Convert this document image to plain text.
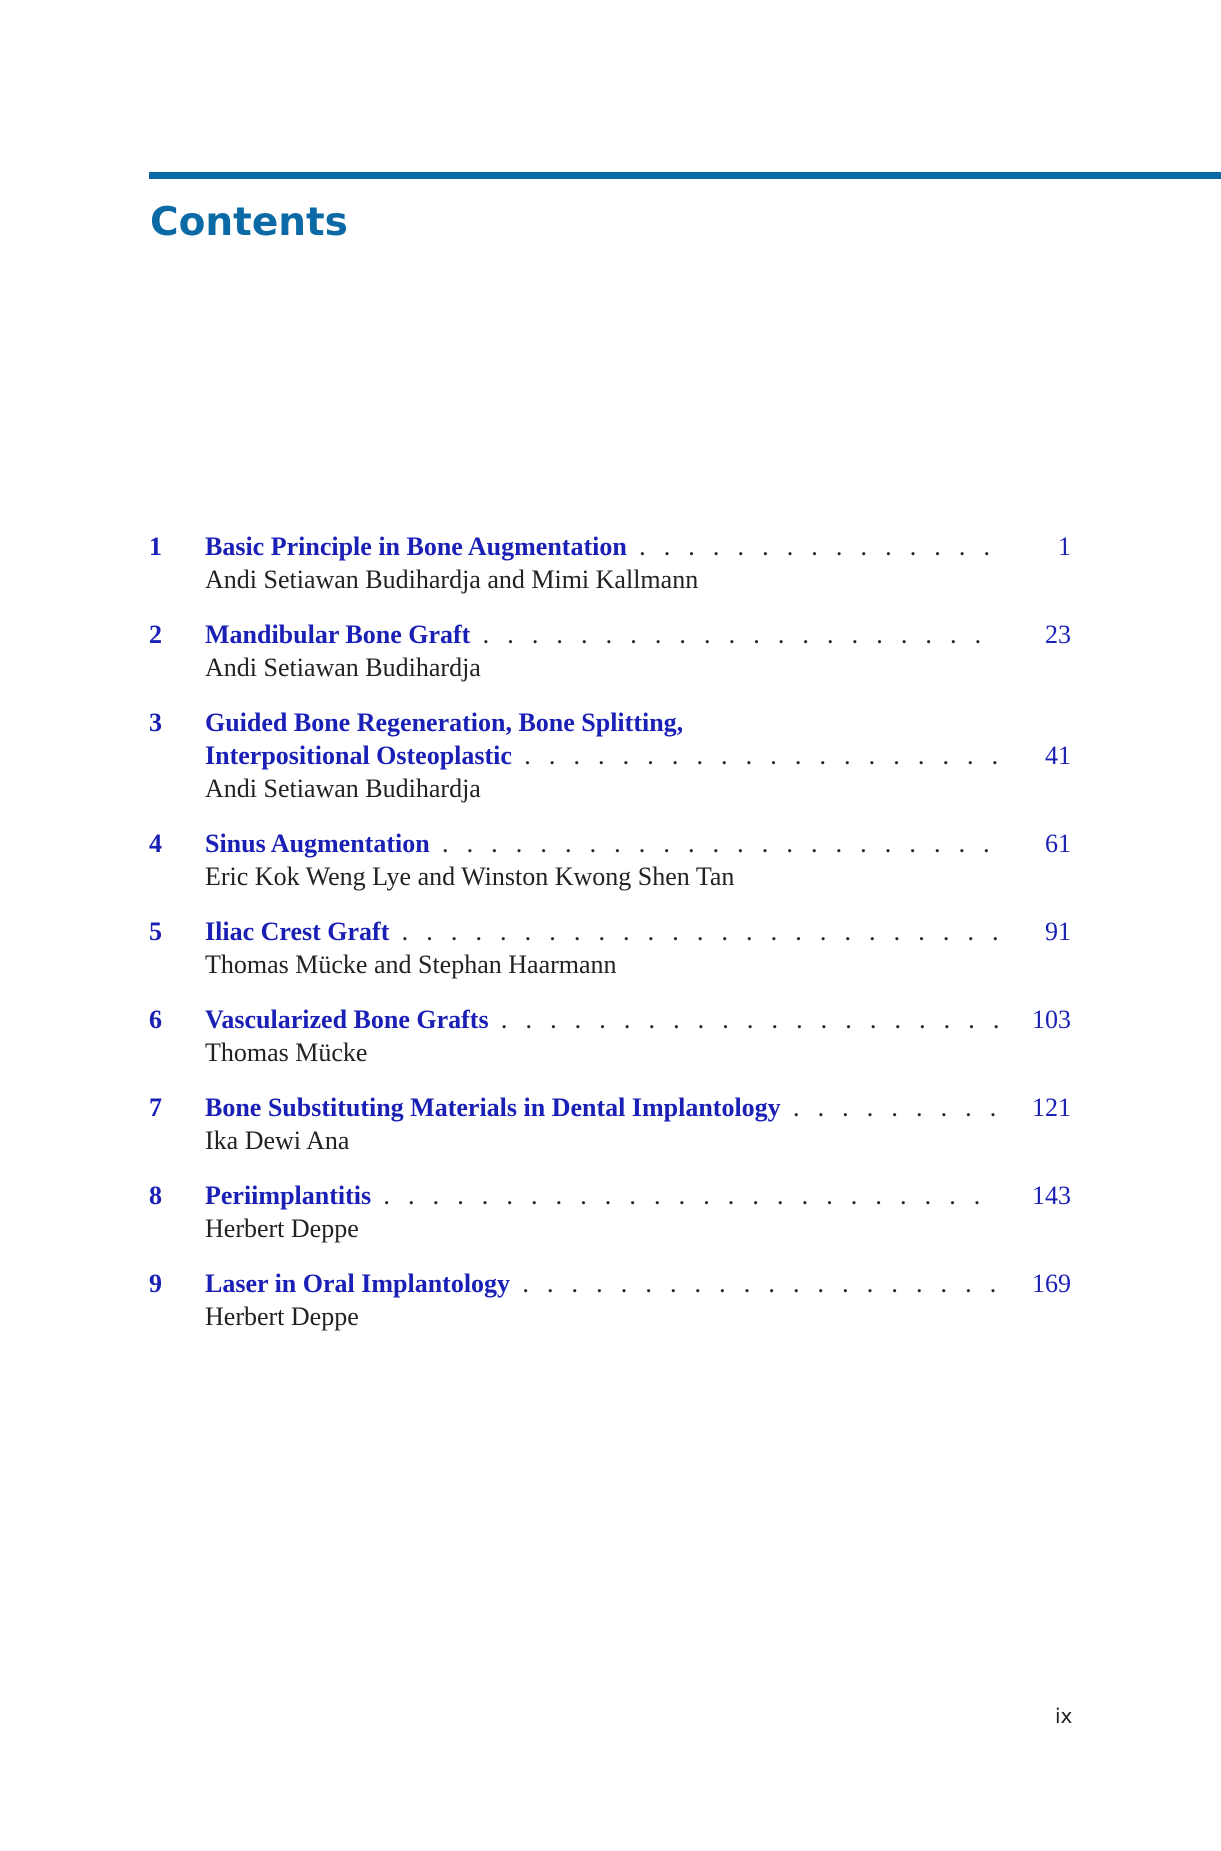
Contents
1 Basic Principle in Bone Augmentation . . .	1
Andi Setiawan Budihardja and Mimi Kallmann
2 Mandibular Bone Graft . . .	23
Andi Setiawan Budihardja
3 Guided Bone Regeneration, Bone Splitting,
Interpositional Osteoplastic . . .	41
Andi Setiawan Budihardja
4 Sinus Augmentation . . .	61
Eric Kok Weng Lye and Winston Kwong Shen Tan
5 Iliac Crest Graft . . .	91
Thomas Mücke and Stephan Haarmann
6 Vascularized Bone Grafts . . .	103
Thomas Mücke
7 Bone Substituting Materials in Dental Implantology . . .	121
Ika Dewi Ana
8 Periimplantitis . . .	143
Herbert Deppe
9 Laser in Oral Implantology . . .	169
Herbert Deppe
ix
